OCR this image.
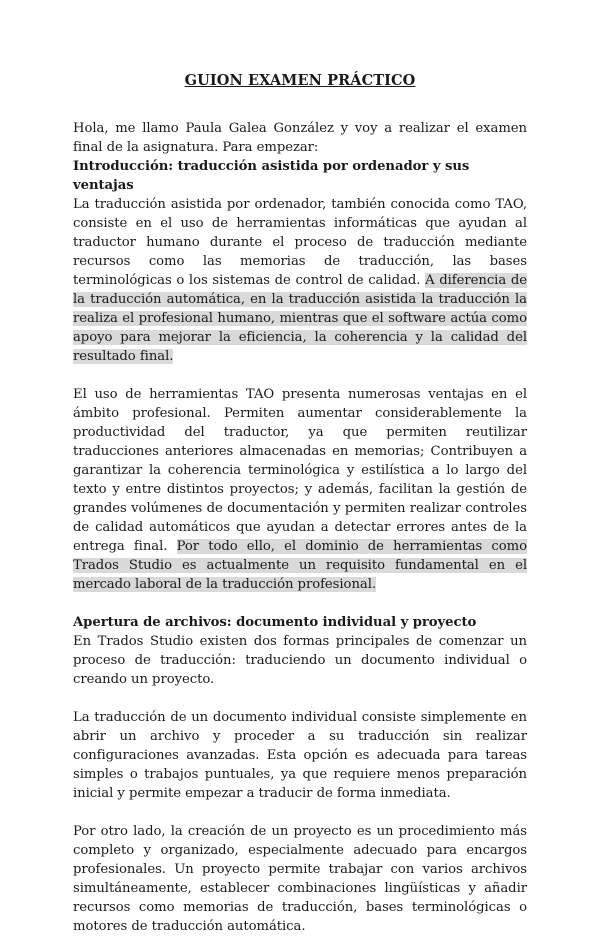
GUION EXAMEN PRÁCTICO

Hola, me llamo Paula Galea González y voy a realizar el examen final de la asignatura. Para empezar:

Introducción: traducción asistida por ordenador y sus ventajas

La traducción asistida por ordenador, también conocida como TAO, consiste en el uso de herramientas informáticas que ayudan al traductor humano durante el proceso de traducción mediante recursos como las memorias de traducción, las bases terminológicas o los sistemas de control de calidad. A diferencia de la traducción automática, en la traducción asistida la traducción la realiza el profesional humano, mientras que el software actúa como apoyo para mejorar la eficiencia, la coherencia y la calidad del resultado final.

El uso de herramientas TAO presenta numerosas ventajas en el ámbito profesional. Permiten aumentar considerablemente la productividad del traductor, ya que permiten reutilizar traducciones anteriores almacenadas en memorias; Contribuyen a garantizar la coherencia terminológica y estilística a lo largo del texto y entre distintos proyectos; y además, facilitan la gestión de grandes volúmenes de documentación y permiten realizar controles de calidad automáticos que ayudan a detectar errores antes de la entrega final. Por todo ello, el dominio de herramientas como Trados Studio es actualmente un requisito fundamental en el mercado laboral de la traducción profesional.

Apertura de archivos: documento individual y proyecto

En Trados Studio existen dos formas principales de comenzar un proceso de traducción: traduciendo un documento individual o creando un proyecto.

La traducción de un documento individual consiste simplemente en abrir un archivo y proceder a su traducción sin realizar configuraciones avanzadas. Esta opción es adecuada para tareas simples o trabajos puntuales, ya que requiere menos preparación inicial y permite empezar a traducir de forma inmediata.

Por otro lado, la creación de un proyecto es un procedimiento más completo y organizado, especialmente adecuado para encargos profesionales. Un proyecto permite trabajar con varios archivos simultáneamente, establecer combinaciones lingüísticas y añadir recursos como memorias de traducción, bases terminológicas o motores de traducción automática.
